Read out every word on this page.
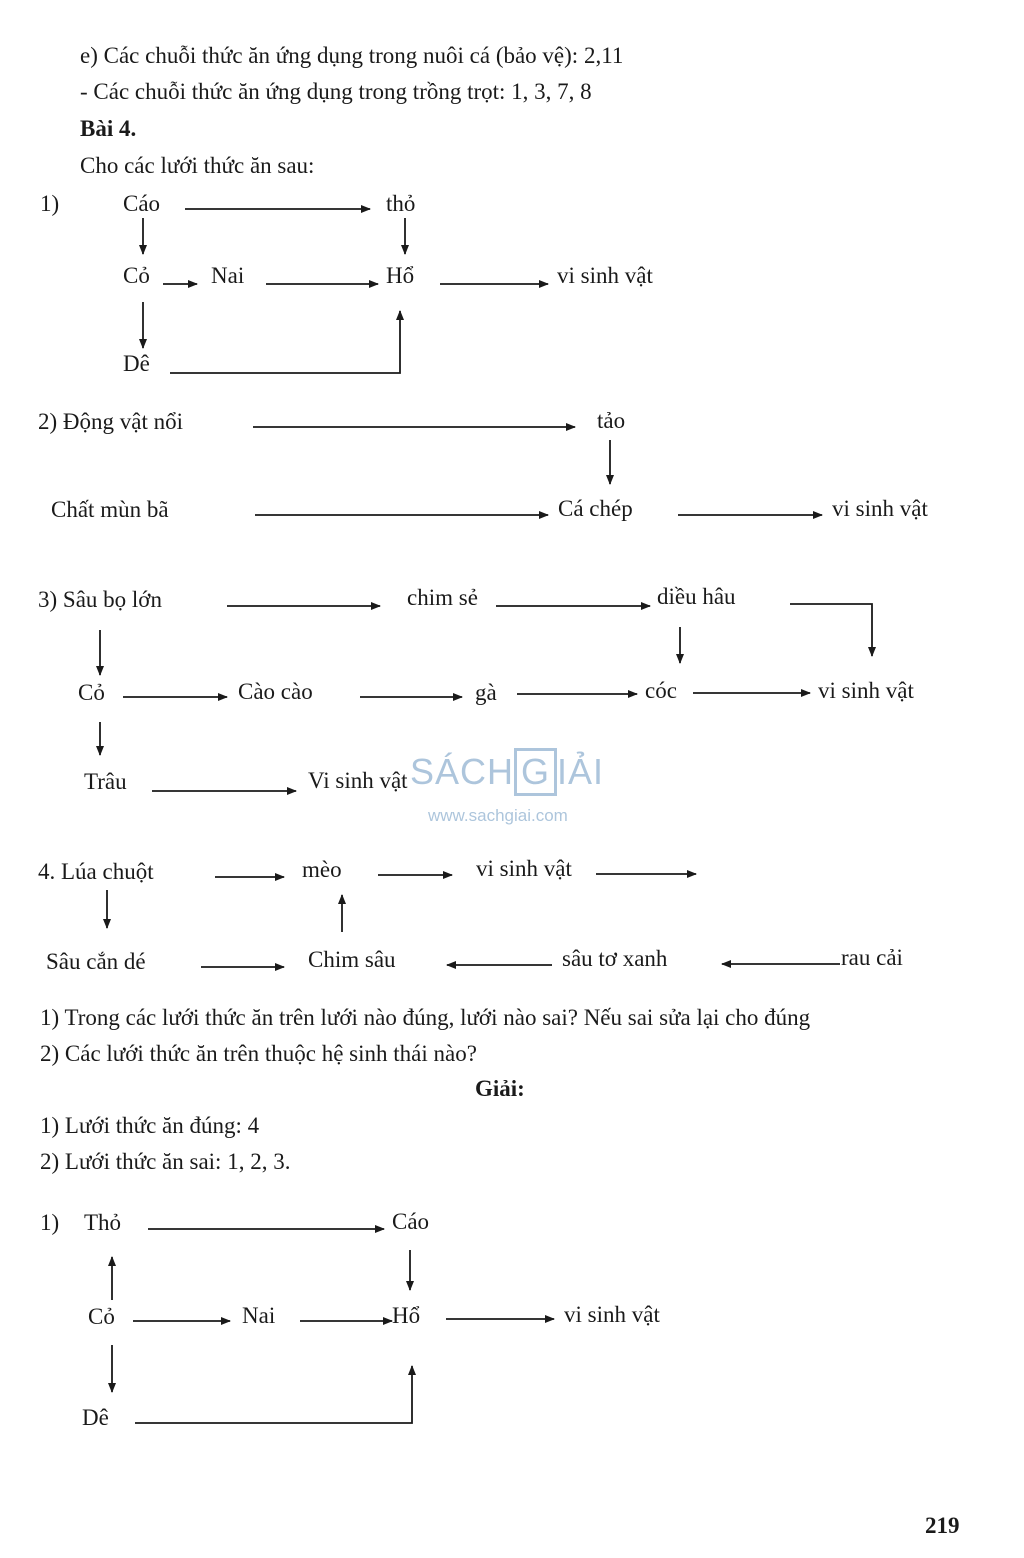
e) Các chuỗi thức ăn ứng dụng trong nuôi cá (bảo vệ): 2,11
- Các chuỗi thức ăn ứng dụng trong trồng trọt: 1, 3, 7, 8
Bài 4.
Cho các lưới thức ăn sau:
1)	Cáo	thỏ
Cỏ	Nai	Hổ	vi sinh vật
Dê
2) Động vật nổi	tảo
Chất mùn bã	Cá chép	vi sinh vật
3) Sâu bọ lớn	chim sẻ	diều hâu
Cỏ	Cào cào	gà	cóc	vi sinh vật
Trâu	Vi sinh vật
4. Lúa chuột	mèo	vi sinh vật
Sâu cắn dé	Chim sâu	sâu tơ xanh	rau cải
1) Trong các lưới thức ăn trên lưới nào đúng, lưới nào sai? Nếu sai sửa lại cho đúng
2) Các lưới thức ăn trên thuộc hệ sinh thái nào?
Giải:
1) Lưới thức ăn đúng: 4
2) Lưới thức ăn sai: 1, 2, 3.
1) Thỏ	Cáo
Cỏ	Nai	Hổ	vi sinh vật
Dê
SÁCH G IẢI
www.sachgiai.com
219
